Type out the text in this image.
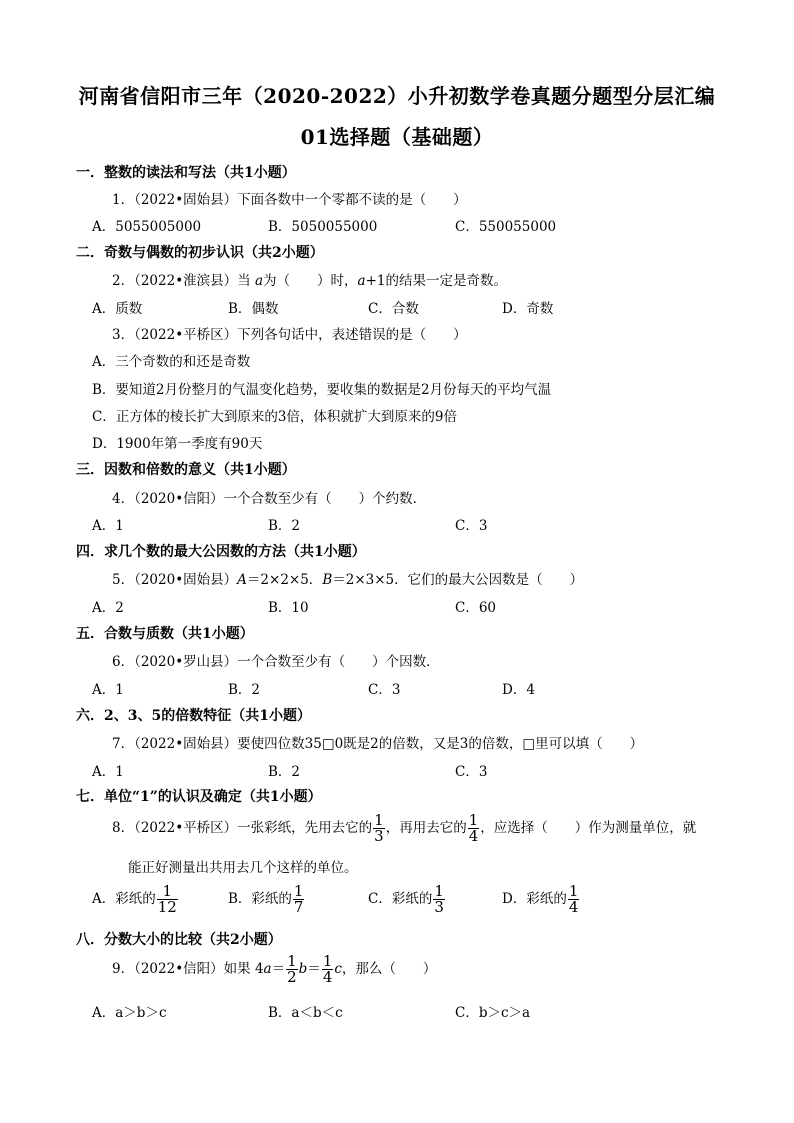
河南省信阳市三年（2020-2022）小升初数学卷真题分题型分层汇编
01选择题（基础题）
一．整数的读法和写法（共1小题）
1．（2022•固始县）下面各数中一个零都不读的是（　　）
A．5055005000	B．5050055000	C．550055000
二．奇数与偶数的初步认识（共2小题）
2．（2022•淮滨县）当 a为（　　）时，a+1的结果一定是奇数。
A．质数	B．偶数	C．合数	D．奇数
3．（2022•平桥区）下列各句话中，表述错误的是（　　）
A．三个奇数的和还是奇数
B．要知道2月份整月的气温变化趋势，要收集的数据是2月份每天的平均气温
C．正方体的棱长扩大到原来的3倍，体积就扩大到原来的9倍
D．1900年第一季度有90天
三．因数和倍数的意义（共1小题）
4．（2020•信阳）一个合数至少有（　　）个约数．
A．1	B．2	C．3
四．求几个数的最大公因数的方法（共1小题）
5．（2020•固始县）A＝2×2×5．B＝2×3×5．它们的最大公因数是（　　）
A．2	B．10	C．60
五．合数与质数（共1小题）
6．（2020•罗山县）一个合数至少有（　　）个因数．
A．1	B．2	C．3	D．4
六．2、3、5的倍数特征（共1小题）
7．（2022•固始县）要使四位数35□0既是2的倍数，又是3的倍数，□里可以填（　　）
A．1	B．2	C．3
七．单位“1”的认识及确定（共1小题）
8．（2022•平桥区）一张彩纸，先用去它的 $\frac{1}{3}$ ，再用去它的 $\frac{1}{4}$ ，应选择（　　）作为测量单位，就
能正好测量出共用去几个这样的单位。
A．彩纸的 $\frac{1}{12}$	B．彩纸的 $\frac{1}{7}$	C．彩纸的 $\frac{1}{3}$	D．彩纸的 $\frac{1}{4}$
八．分数大小的比较（共2小题）
9．（2022•信阳）如果 $4a= \frac{1}{2} b= \frac{1}{4}$ c，那么（　　）
A．a＞b＞c	B．a＜b＜c	C．b＞c＞a
